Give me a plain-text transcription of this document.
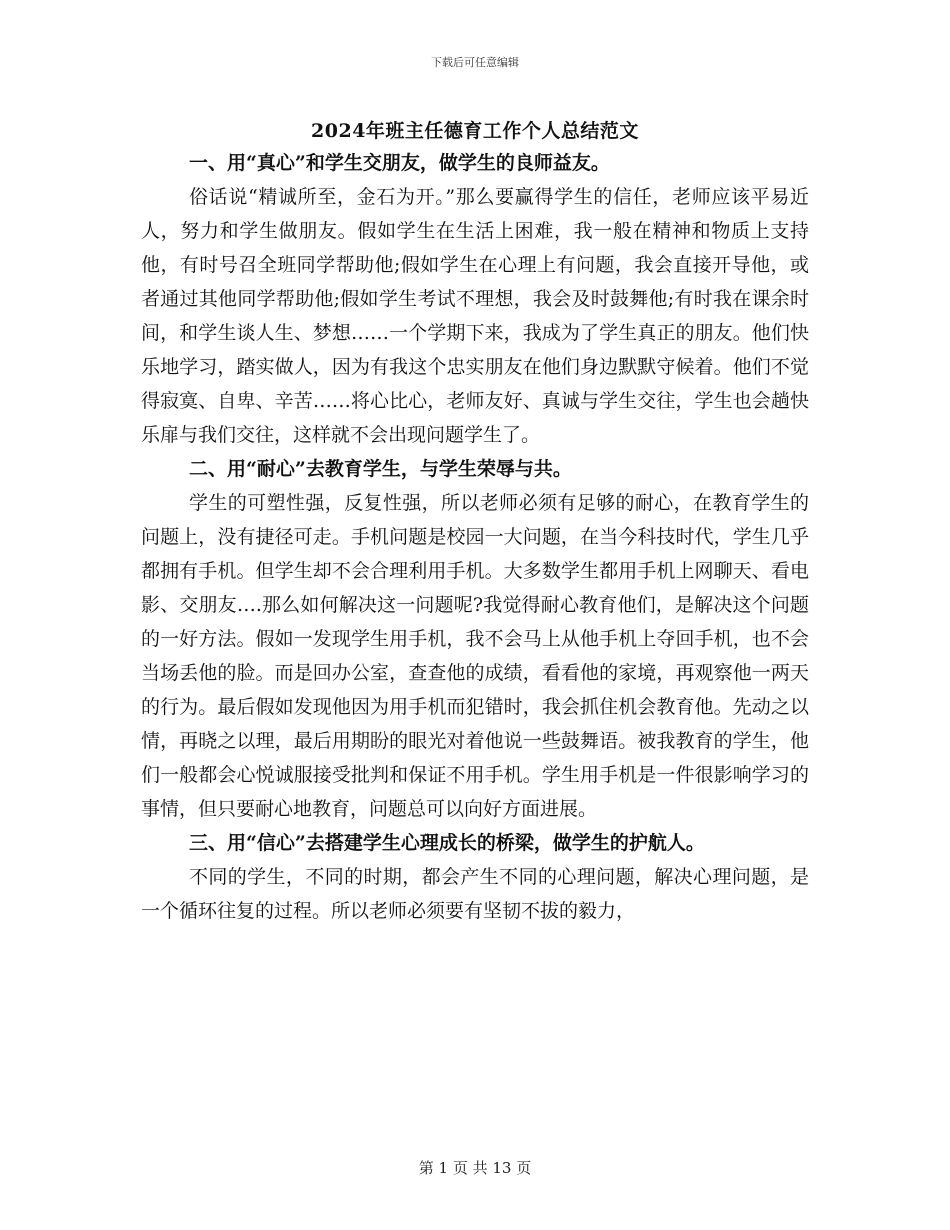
下载后可任意编辑
2024年班主任德育工作个人总结范文

一、用“真心”和学生交朋友，做学生的良师益友。

俗话说“精诚所至，金石为开。”那么要赢得学生的信任，老师应该平易近人，努力和学生做朋友。假如学生在生活上困难，我一般在精神和物质上支持他，有时号召全班同学帮助他;假如学生在心理上有问题，我会直接开导他，或者通过其他同学帮助他;假如学生考试不理想，我会及时鼓舞他;有时我在课余时间，和学生谈人生、梦想……一个学期下来，我成为了学生真正的朋友。他们快乐地学习，踏实做人，因为有我这个忠实朋友在他们身边默默守候着。他们不觉得寂寞、自卑、辛苦……将心比心，老师友好、真诚与学生交往，学生也会趟快乐扉与我们交往，这样就不会出现问题学生了。

二、用“耐心”去教育学生，与学生荣辱与共。

学生的可塑性强，反复性强，所以老师必须有足够的耐心，在教育学生的问题上，没有捷径可走。手机问题是校园一大问题，在当今科技时代，学生几乎都拥有手机。但学生却不会合理利用手机。大多数学生都用手机上网聊天、看电影、交朋友….那么如何解决这一问题呢?我觉得耐心教育他们，是解决这个问题的一好方法。假如一发现学生用手机，我不会马上从他手机上夺回手机，也不会当场丢他的脸。而是回办公室，查查他的成绩，看看他的家境，再观察他一两天的行为。最后假如发现他因为用手机而犯错时，我会抓住机会教育他。先动之以情，再晓之以理，最后用期盼的眼光对着他说一些鼓舞语。被我教育的学生，他们一般都会心悦诚服接受批判和保证不用手机。学生用手机是一件很影响学习的事情，但只要耐心地教育，问题总可以向好方面进展。

三、用“信心”去搭建学生心理成长的桥梁，做学生的护航人。

不同的学生，不同的时期，都会产生不同的心理问题，解决心理问题，是一个循环往复的过程。所以老师必须要有坚韧不拔的毅力，

第 1 页 共 13 页
